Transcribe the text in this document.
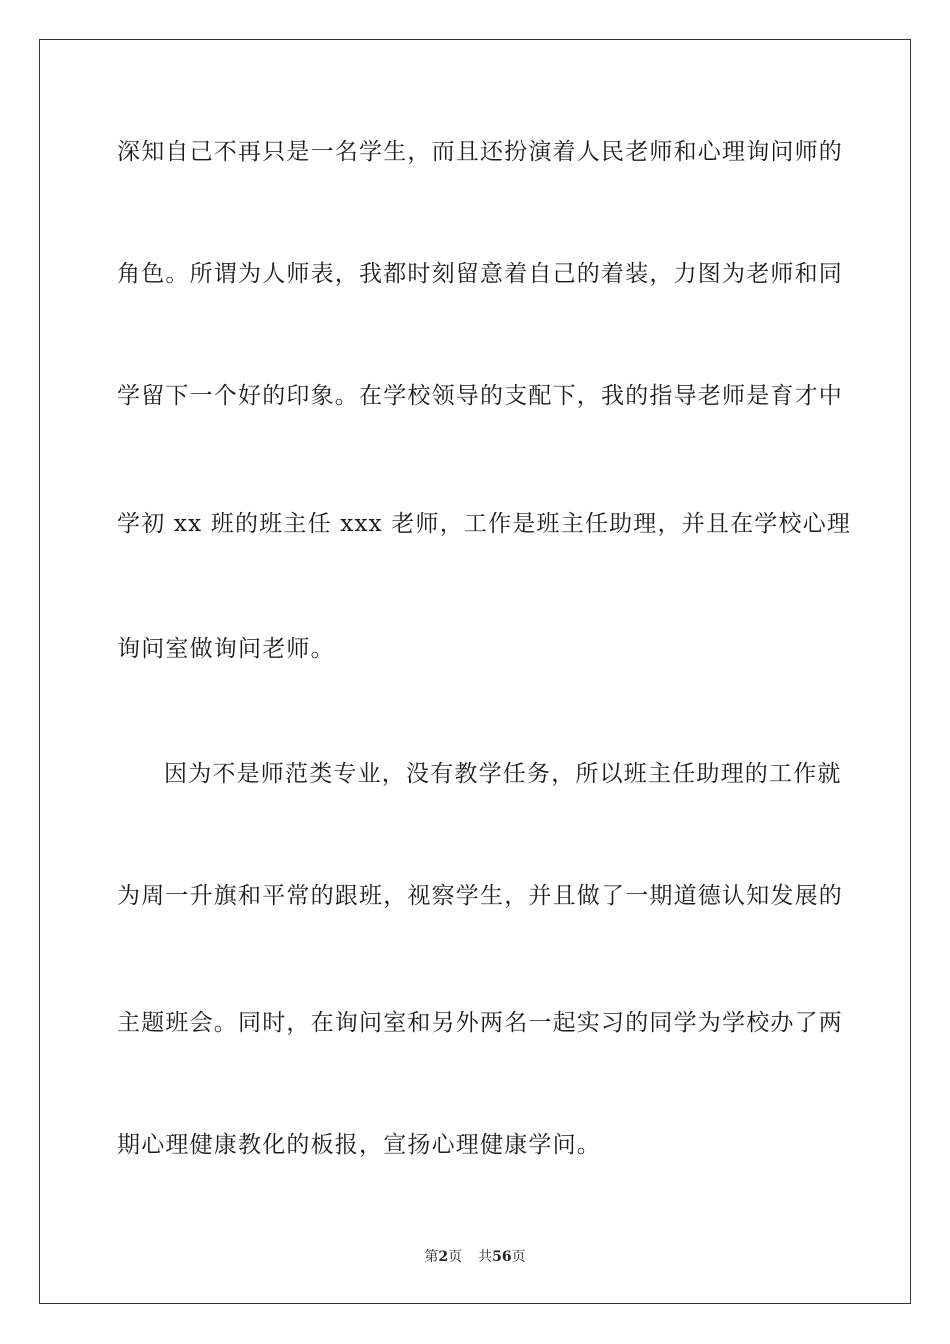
深知自己不再只是一名学生，而且还扮演着人民老师和心理询问师的
角色。所谓为人师表，我都时刻留意着自己的着装，力图为老师和同
学留下一个好的印象。在学校领导的支配下，我的指导老师是育才中
学初 xx 班的班主任 xxx 老师，工作是班主任助理，并且在学校心理
询问室做询问老师。
因为不是师范类专业，没有教学任务，所以班主任助理的工作就
为周一升旗和平常的跟班，视察学生，并且做了一期道德认知发展的
主题班会。同时，在询问室和另外两名一起实习的同学为学校办了两
期心理健康教化的板报，宣扬心理健康学问。
第2页 共56页
